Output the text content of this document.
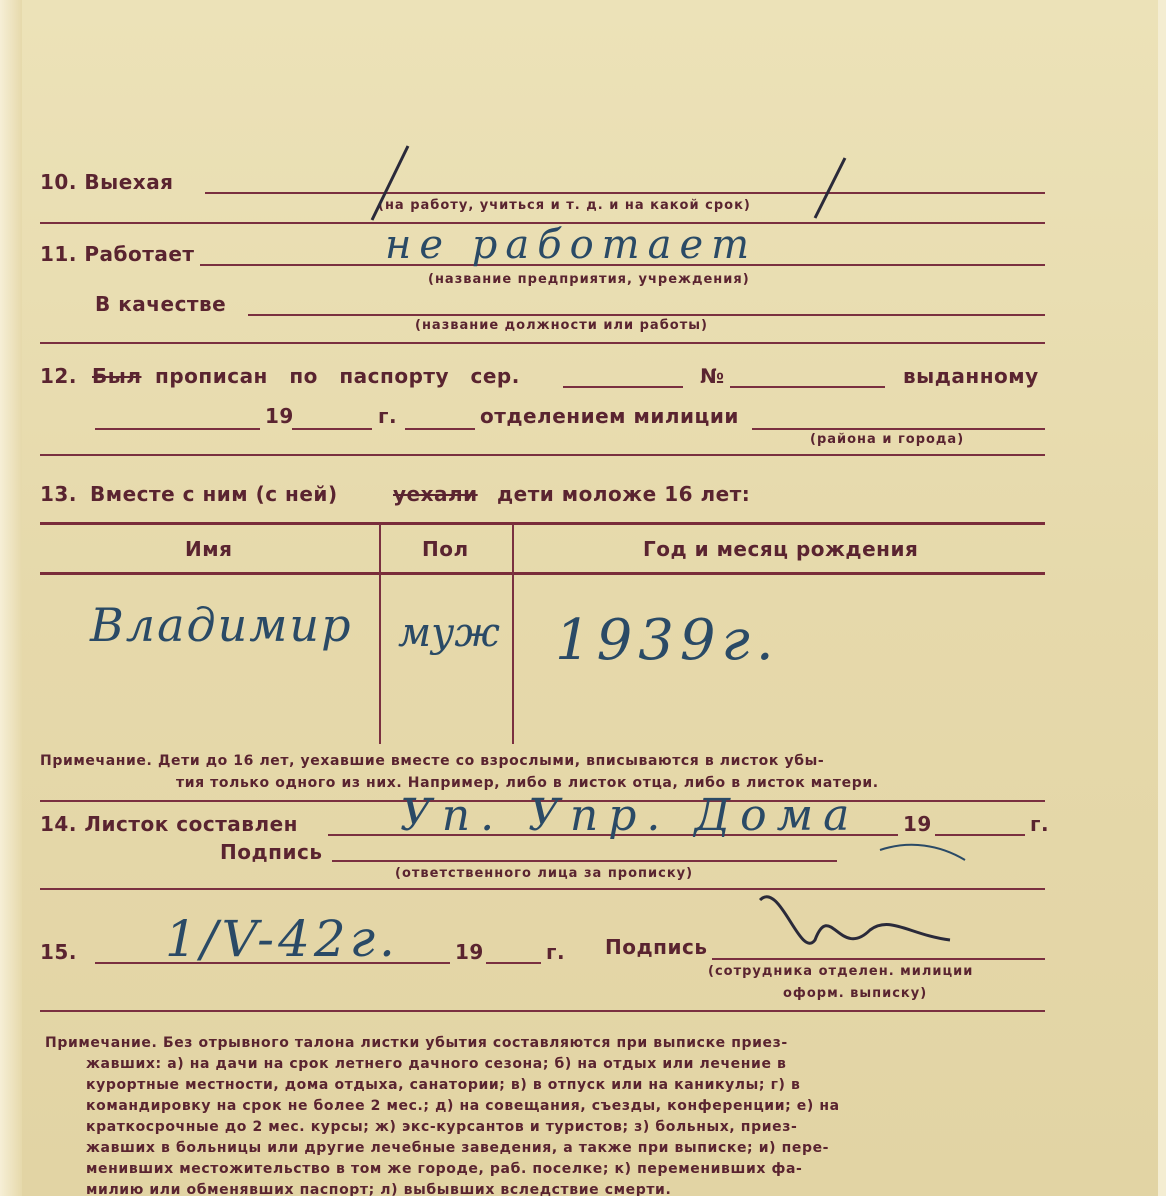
10. Выехая
(на работу, учиться и т. д. и на какой срок)
11. Работает	не работает
(название предприятия, учреждения)
В качестве
(название должности или работы)
12. Был прописан по паспорту сер.	№	выданному
19	г.	отделением милиции
(района и города)
13. Вместе с ним (с ней)	уехали дети моложе 16 лет:
Имя	Пол	Год и месяц рождения
Владимир муж 1939г.
Примечание. Дети до 16 лет, уехавшие вместе со взрослыми, вписываются в листок убы-
тия только одного из них. Например, либо в листок отца, либо в листок матери.
14. Листок составлен Уп. Упр. Дома 19	г.
Подпись
(ответственного лица за прописку)
15. 1/V-42г.	19	г. Подпись
(сотрудника отделен. милиции
оформ. выписку)
Примечание. Без отрывного талона листки убытия составляются при выписке приез-
жавших: а) на дачи на срок летнего дачного сезона; б) на отдых или лечение в
курортные местности, дома отдыха, санатории; в) в отпуск или на каникулы; г) в
командировку на срок не более 2 мес.; д) на совещания, съезды, конференции; е) на
краткосрочные до 2 мес. курсы; ж) экс-курсантов и туристов; з) больных, приез-
жавших в больницы или другие лечебные заведения, а также при выписке; и) пере-
менивших местожительство в том же городе, раб. поселке; к) переменивших фа-
милию или обменявших паспорт; л) выбывших вследствие смерти.
